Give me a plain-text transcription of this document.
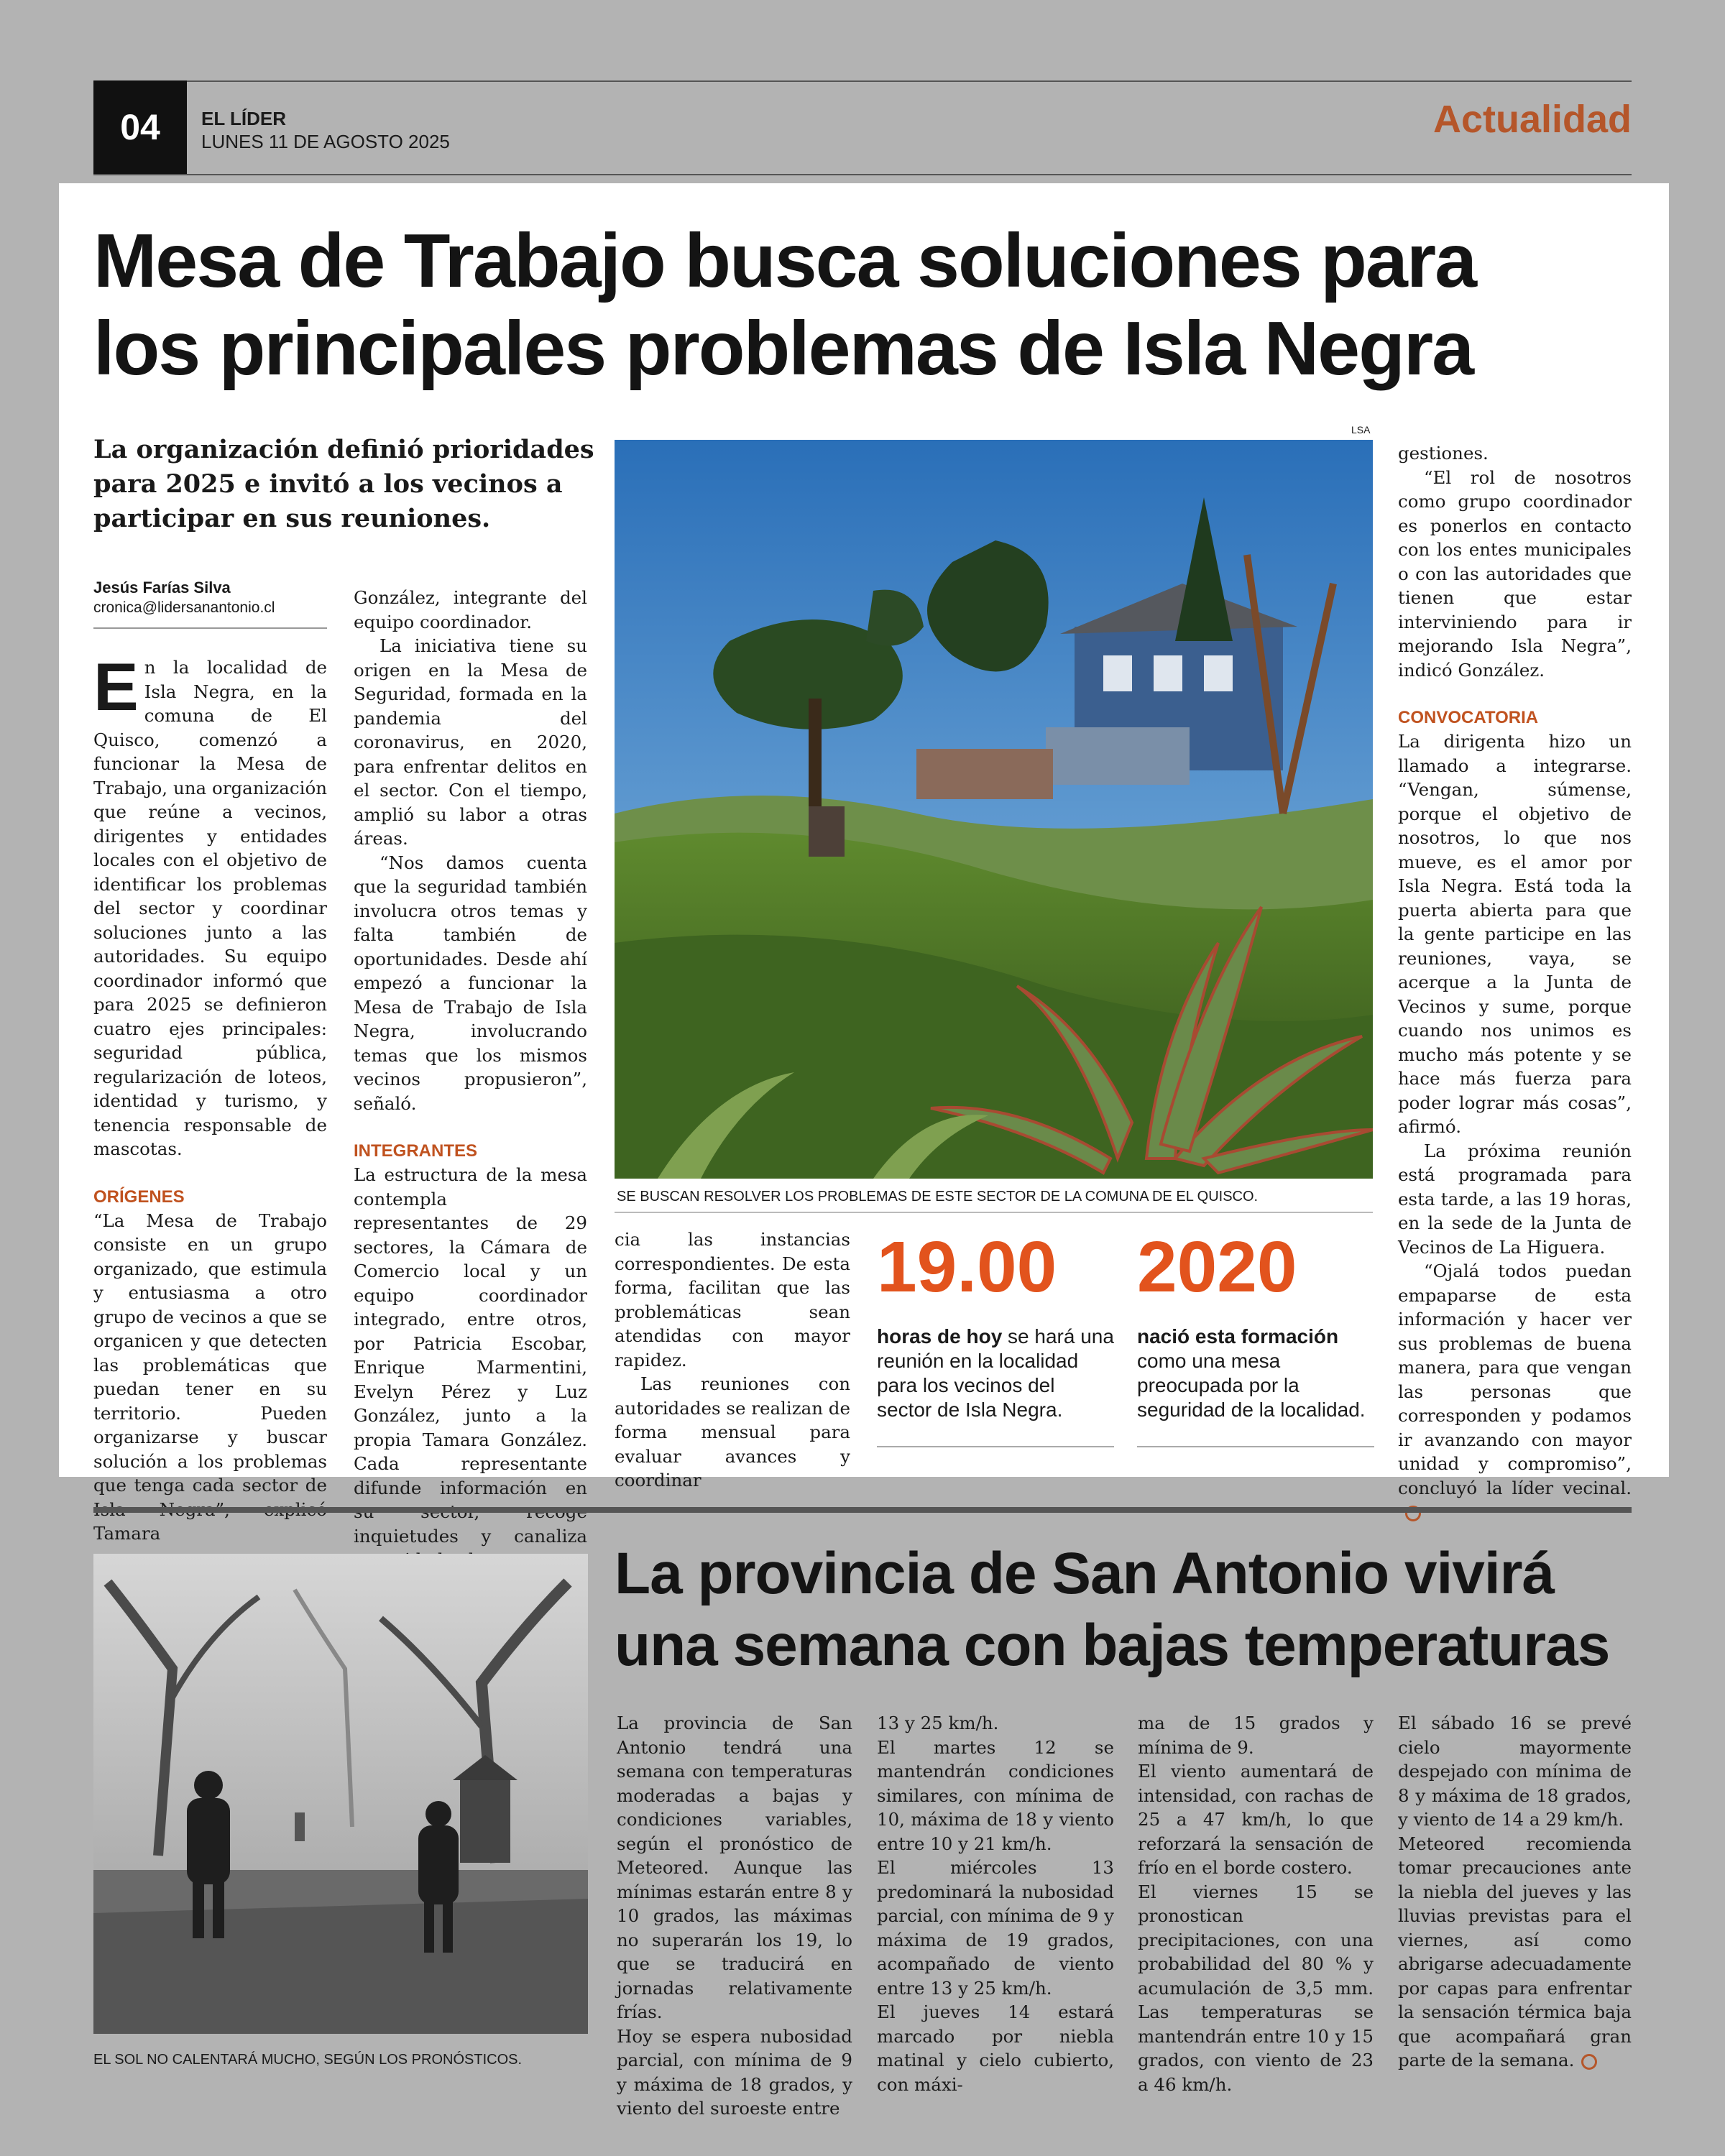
04	EL LÍDER
LUNES 11 DE AGOSTO 2025
Actualidad
Mesa de Trabajo busca soluciones para
los principales problemas de Isla Negra
La organización definió prioridades para 2025 e invitó a los vecinos a participar en sus reuniones.
Jesús Farías Silva
cronica@lidersanantonio.cl

En la localidad de Isla Negra, en la comuna de El Quisco, comenzó a funcionar la Mesa de Trabajo, una organización que reúne a vecinos, dirigentes y entidades locales con el objetivo de identificar los problemas del sector y coordinar soluciones junto a las autoridades. Su equipo coordinador informó que para 2025 se definieron cuatro ejes principales: seguridad pública, regularización de loteos, identidad y turismo, y tenencia responsable de mascotas.

ORÍGENES

“La Mesa de Trabajo consiste en un grupo organizado, que estimula y entusiasma a otro grupo de vecinos a que se organicen y que detecten las problemáticas que puedan tener en su territorio. Pueden organizarse y buscar solución a los problemas que tenga cada sector de Tamara

González, integrante del equipo coordinador.

La iniciativa tiene su origen en la Mesa de Seguridad, formada en la pandemia del coronavirus, en 2020, para enfrentar delitos en el sector. Con el tiempo, amplió su labor a otras áreas.

“Nos damos cuenta que la seguridad también involucra otros temas y falta también de oportunidades. Desde ahí empezó a funcionar la Mesa de Trabajo de Isla Negra, involucrando temas que los mismos vecinos propusieron”, señaló.

INTEGRANTES

La estructura de la mesa contempla representantes de 29 sectores, la Cámara de Comercio local y un equipo coordinador integrado, entre otros, por Patricia Escobar, Enrique Marmentini, Evelyn Pérez y Luz González, junto a la propia Tamara González. Cada representante difunde información en inquietudes y canaliza

LSA
SE BUSCAN RESOLVER LOS PROBLEMAS DE ESTE SECTOR DE LA COMUNA DE EL QUISCO.

cia las instancias correspondientes. De esta forma, facilitan que las problemáticas sean atendidas con mayor rapidez.

Las reuniones con autoridades se realizan de forma mensual para evaluar avances y coordinar

19.00
horas de hoy se hará una reunión en la localidad para los vecinos del sector de Isla Negra.
2020
nació esta formación como una mesa preocupada por la seguridad de la localidad.

gestiones.

“El rol de nosotros como grupo coordinador es ponerlos en contacto con los entes municipales o con las autoridades que tienen que estar interviniendo para ir mejorando Isla Negra”, indicó González.

CONVOCATORIA

La dirigenta hizo un llamado a integrarse. “Vengan, súmense, porque el objetivo de nosotros, lo que nos mueve, es el amor por Isla Negra. Está toda la puerta abierta para que la gente participe en las reuniones, vaya, se acerque a la Junta de Vecinos y sume, porque cuando nos unimos es mucho más potente y se hace más fuerza para poder lograr más cosas”, afirmó.

La próxima reunión está programada para esta tarde, a las 19 horas, en la sede de la Junta de Vecinos de La Higuera.

“Ojalá todos puedan empaparse de esta información y hacer ver sus problemas de buena manera, para que vengan las personas que corresponden y podamos ir avanzando con mayor unidad y compromiso”, concluyó la líder vecinal.

EL SOL NO CALENTARÁ MUCHO, SEGÚN LOS PRONÓSTICOS.
La provincia de San Antonio vivirá
una semana con bajas temperaturas

La provincia de San Antonio tendrá una semana con temperaturas moderadas a bajas y condiciones variables, según el pronóstico de Meteored. Aunque las mínimas estarán entre 8 y 10 grados, las máximas no superarán los 19, lo que se traducirá en jornadas relativamente frías.

Hoy se espera nubosidad parcial, con mínima de 9 y máxima de 18 grados, y viento del suroeste entre

13 y 25 km/h.

El martes 12 se mantendrán condiciones similares, con mínima de 10, máxima de 18 y viento entre 10 y 21 km/h.

El miércoles 13 predominará la nubosidad parcial, con mínima de 9 y máxima de 19 grados, acompañado de viento entre 13 y 25 km/h.

El jueves 14 estará marcado por niebla matinal y cielo cubierto, con máxi-

ma de 15 grados y mínima de 9.

El viento aumentará de intensidad, con rachas de 25 a 47 km/h, lo que reforzará la sensación de frío en el borde costero.

El viernes 15 se pronostican precipitaciones, con una probabilidad del 80 % y acumulación de 3,5 mm. Las temperaturas se mantendrán entre 10 y 15 grados, con viento de 23 a 46 km/h.

El sábado 16 se prevé cielo mayormente despejado con mínima de 8 y máxima de 18 grados, y viento de 14 a 29 km/h.

Meteored recomienda tomar precauciones ante la niebla del jueves y las lluvias previstas para el viernes, así como abrigarse adecuadamente por capas para enfrentar la sensación térmica baja que acompañará gran parte de la semana.
